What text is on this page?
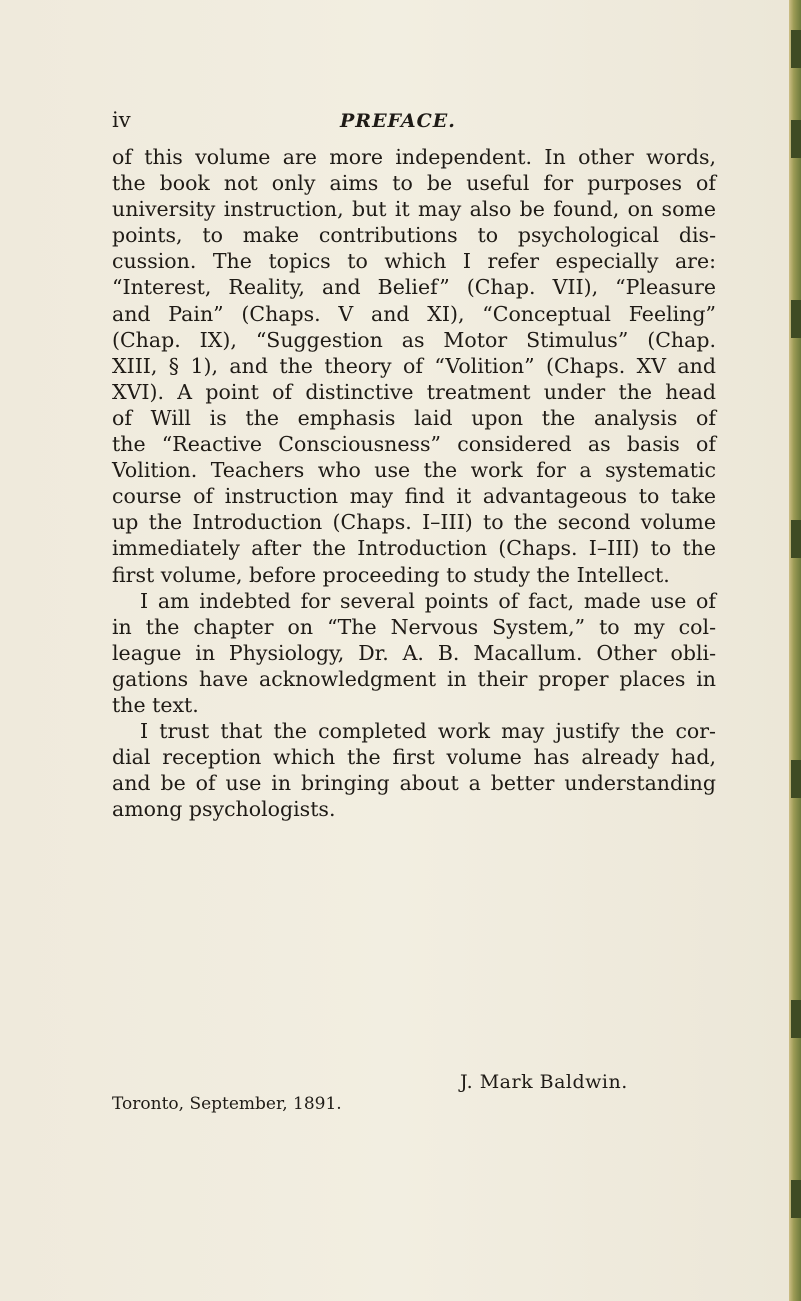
iv	PREFACE.
of this volume are more independent. In other words,
the book not only aims to be useful for purposes of
university instruction, but it may also be found, on some
points, to make contributions to psychological dis-
cussion. The topics to which I refer especially are:
“Interest, Reality, and Belief” (Chap. VII), “Pleasure
and Pain” (Chaps. V and XI), “Conceptual Feeling”
(Chap. IX), “Suggestion as Motor Stimulus” (Chap.
XIII, § 1), and the theory of “Volition” (Chaps. XV and
XVI). A point of distinctive treatment under the head
of Will is the emphasis laid upon the analysis of
the “Reactive Consciousness” considered as basis of
Volition. Teachers who use the work for a systematic
course of instruction may find it advantageous to take
up the Introduction (Chaps. I–III) to the second volume
immediately after the Introduction (Chaps. I–III) to the
first volume, before proceeding to study the Intellect.
I am indebted for several points of fact, made use of
in the chapter on “The Nervous System,” to my col-
league in Physiology, Dr. A. B. Macallum. Other obli-
gations have acknowledgment in their proper places in
the text.
I trust that the completed work may justify the cor-
dial reception which the first volume has already had,
and be of use in bringing about a better understanding
among psychologists.
J. Mark Baldwin.
Toronto, September, 1891.
